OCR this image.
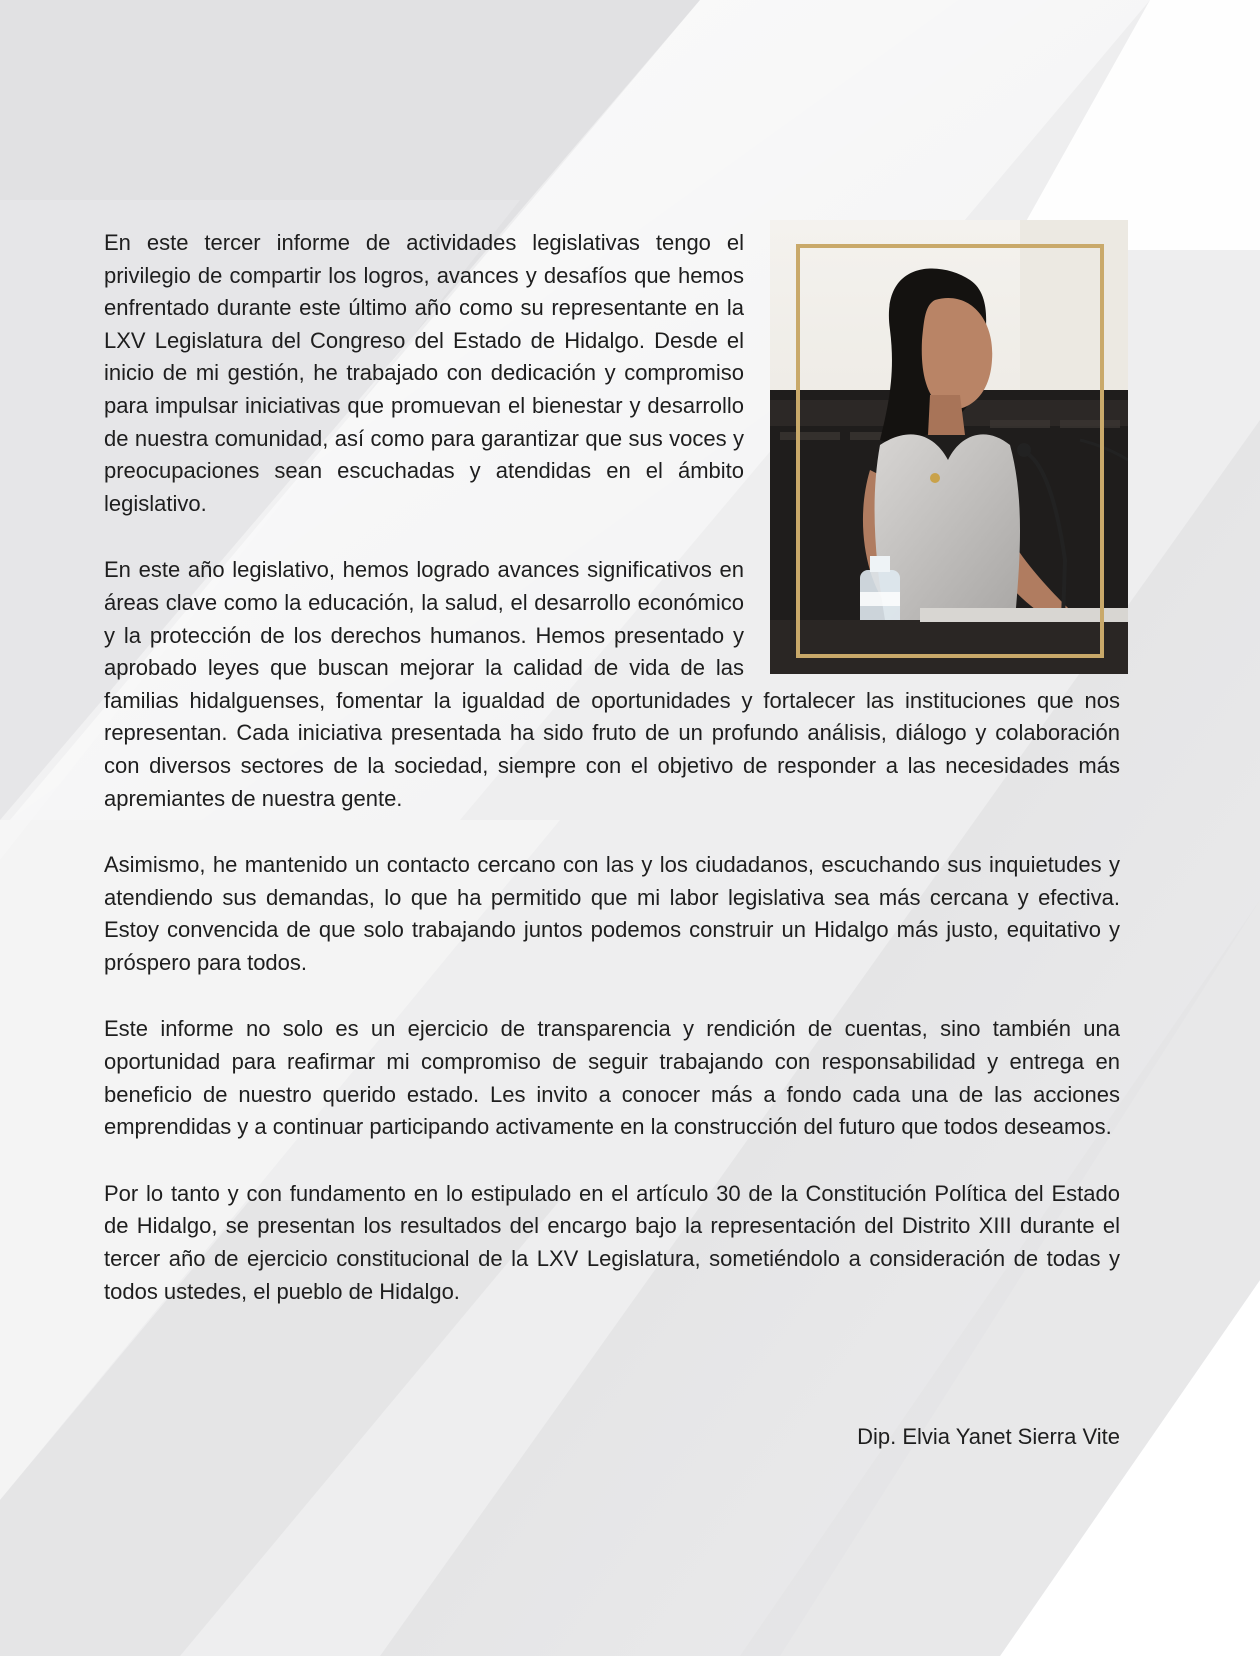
En este tercer informe de actividades legislativas tengo el privilegio de compartir los logros, avances y desafíos que hemos enfrentado durante este último año como su representante en la LXV Legislatura del Congreso del Estado de Hidalgo. Desde el inicio de mi gestión, he trabajado con dedicación y compromiso para impulsar iniciativas que promuevan el bienestar y desarrollo de nuestra comunidad, así como para garantizar que sus voces y preocupaciones sean escuchadas y atendidas en el ámbito legislativo.

En este año legislativo, hemos logrado avances significativos en áreas clave como la educación, la salud, el desarrollo económico y la protección de los derechos humanos. Hemos presentado y aprobado leyes que buscan mejorar la calidad de vida de las familias hidalguenses, fomentar la igualdad de oportunidades y fortalecer las instituciones que nos representan. Cada iniciativa presentada ha sido fruto de un profundo análisis, diálogo y colaboración con diversos sectores de la sociedad, siempre con el objetivo de responder a las necesidades más apremiantes de nuestra gente.

Asimismo, he mantenido un contacto cercano con las y los ciudadanos, escuchando sus inquietudes y atendiendo sus demandas, lo que ha permitido que mi labor legislativa sea más cercana y efectiva. Estoy convencida de que solo trabajando juntos podemos construir un Hidalgo más justo, equitativo y próspero para todos.

Este informe no solo es un ejercicio de transparencia y rendición de cuentas, sino también una oportunidad para reafirmar mi compromiso de seguir trabajando con responsabilidad y entrega en beneficio de nuestro querido estado. Les invito a conocer más a fondo cada una de las acciones emprendidas y a continuar participando activamente en la construcción del futuro que todos deseamos.

Por lo tanto y con fundamento en lo estipulado en el artículo 30 de la Constitución Política del Estado de Hidalgo, se presentan los resultados del encargo bajo la representación del Distrito XIII durante el tercer año de ejercicio constitucional de la LXV Legislatura, sometiéndolo a consideración de todas y todos ustedes, el pueblo de Hidalgo.

Dip. Elvia Yanet Sierra Vite
